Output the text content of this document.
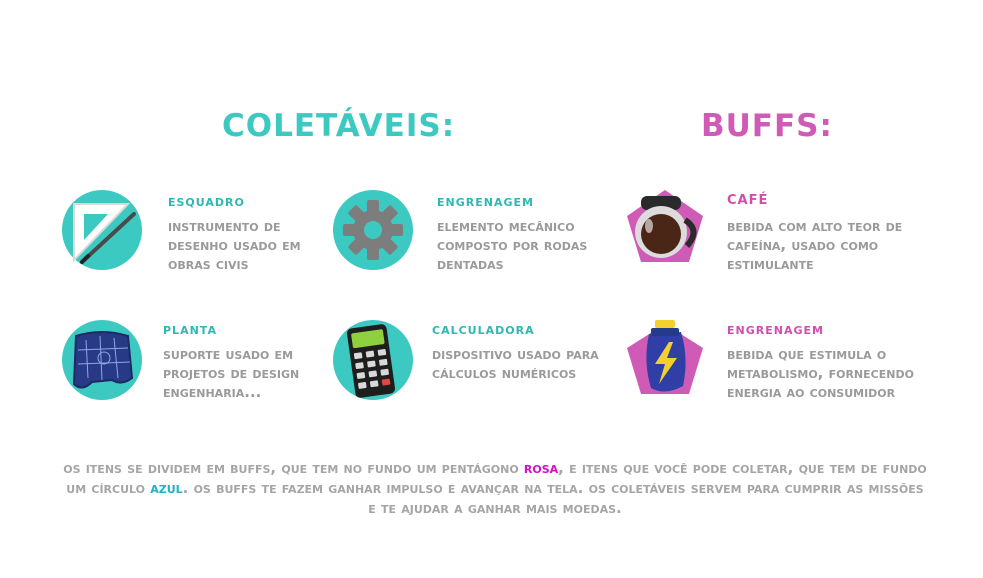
COLETÁVEIS:	BUFFS:
esquadro
instrumento de desenho usado em obras civis
engrenagem
elemento mecânico composto por rodas dentadas
planta
suporte usado em projetos de design engenharia...
calculadora
dispositivo usado para cálculos numéricos
café
bebida com alto teor de cafeína, usado como estimulante
engrenagem
bebida que estimula o metabolismo, fornecendo energia ao consumidor

os itens se dividem em buffs, que tem no fundo um pentágono rosa, e itens que você pode coletar, que tem de fundo um círculo azul. os buffs te fazem ganhar impulso e avançar na tela. os coletáveis servem para cumprir as missões e te ajudar a ganhar mais moedas.
